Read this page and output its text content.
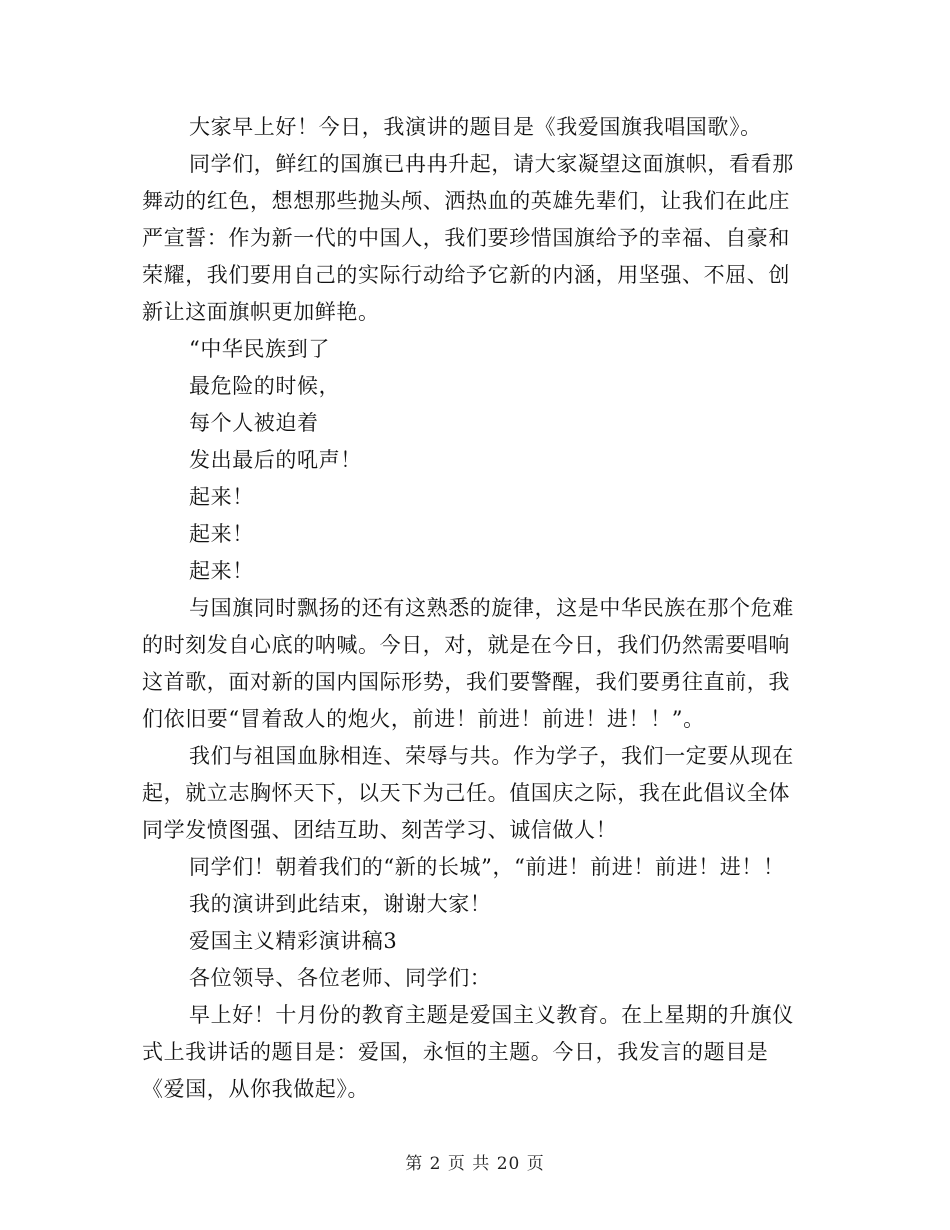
大家早上好！今日，我演讲的题目是《我爱国旗我唱国歌》。
同学们，鲜红的国旗已冉冉升起，请大家凝望这面旗帜，看看那
舞动的红色，想想那些抛头颅、洒热血的英雄先辈们，让我们在此庄
严宣誓：作为新一代的中国人，我们要珍惜国旗给予的幸福、自豪和
荣耀，我们要用自己的实际行动给予它新的内涵，用坚强、不屈、创
新让这面旗帜更加鲜艳。
“中华民族到了
最危险的时候，
每个人被迫着
发出最后的吼声！
起来！
起来！
起来！
与国旗同时飘扬的还有这熟悉的旋律，这是中华民族在那个危难
的时刻发自心底的呐喊。今日，对，就是在今日，我们仍然需要唱响
这首歌，面对新的国内国际形势，我们要警醒，我们要勇往直前，我
们依旧要“冒着敌人的炮火，前进！前进！前进！进！！”。
我们与祖国血脉相连、荣辱与共。作为学子，我们一定要从现在
起，就立志胸怀天下，以天下为己任。值国庆之际，我在此倡议全体
同学发愤图强、团结互助、刻苦学习、诚信做人！
同学们！朝着我们的“新的长城”，“前进！前进！前进！进！！
我的演讲到此结束，谢谢大家！
爱国主义精彩演讲稿3
各位领导、各位老师、同学们：
早上好！十月份的教育主题是爱国主义教育。在上星期的升旗仪
式上我讲话的题目是：爱国，永恒的主题。今日，我发言的题目是
《爱国，从你我做起》。
第 2 页 共 20 页
